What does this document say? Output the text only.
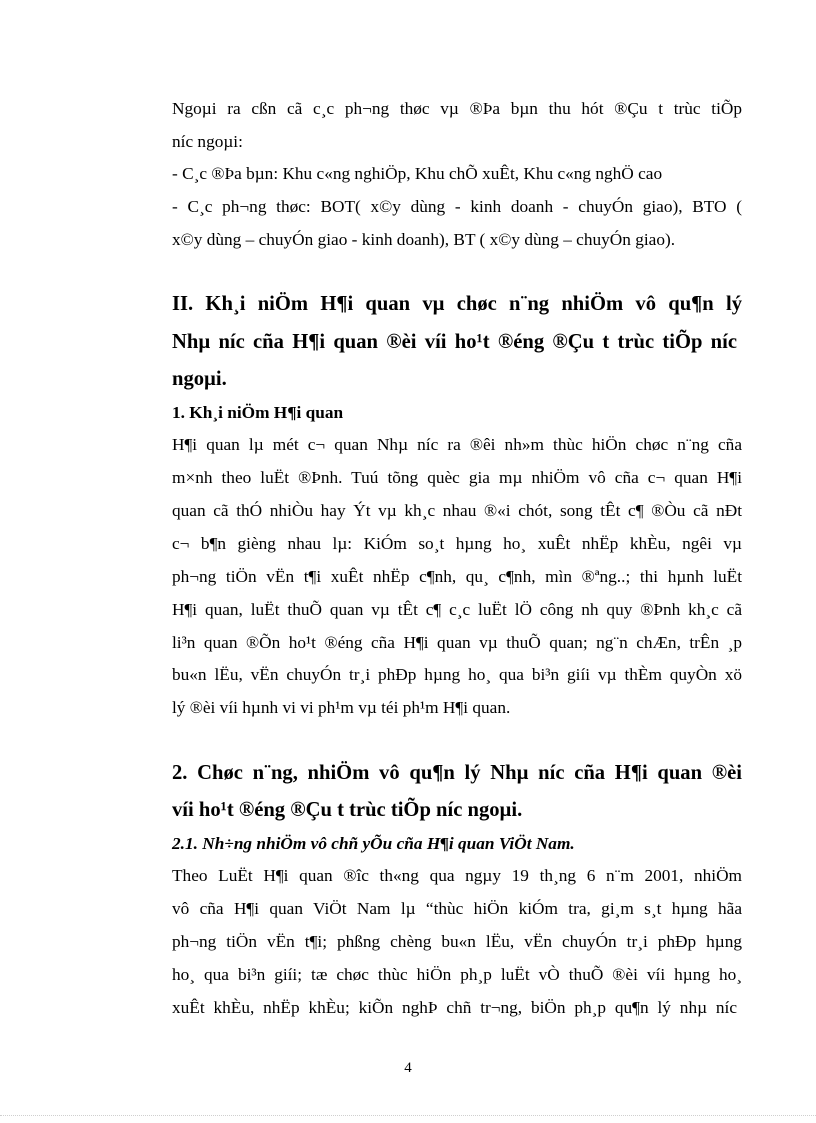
Ngoµi ra cßn cã c¸c ph¬ng thøc vµ ®Þa bµn thu hót ®Çu t trùc tiÕp
níc ngoµi:
- C¸c ®Þa bµn: Khu c«ng nghiÖp, Khu chÕ xuÊt, Khu c«ng nghÖ cao
- C¸c ph¬ng thøc: BOT( x©y dùng - kinh doanh - chuyÓn giao), BTO (
x©y dùng – chuyÓn giao - kinh doanh), BT ( x©y dùng – chuyÓn giao).
II. Kh¸i niÖm H¶i quan vµ chøc n¨ng nhiÖm vô qu¶n lý
Nhµ níc cña H¶i quan ®èi víi ho¹t ®éng ®Çu t trùc tiÕp níc
ngoµi.
1. Kh¸i niÖm H¶i quan
H¶i quan lµ mét c¬ quan Nhµ níc ra ®êi nh»m thùc hiÖn chøc n¨ng cña
m×nh theo luËt ®Þnh. Tuú tõng quèc gia mµ nhiÖm vô cña c¬ quan H¶i
quan cã thÓ nhiÒu hay Ýt vµ kh¸c nhau ®«i chót, song tÊt c¶ ®Òu cã nÐt
c¬ b¶n gièng nhau lµ: KiÓm so¸t hµng ho¸ xuÊt nhËp khÈu, ngêi vµ
ph¬ng tiÖn vËn t¶i xuÊt nhËp c¶nh, qu¸ c¶nh, mìn ®ªng..; thi hµnh luËt
H¶i quan, luËt thuÕ quan vµ tÊt c¶ c¸c luËt lÖ công nh quy ®Þnh kh¸c cã
li³n quan ®Õn ho¹t ®éng cña H¶i quan vµ thuÕ quan; ng¨n chÆn, trÊn ¸p
bu«n lËu, vËn chuyÓn tr¸i phÐp hµng ho¸ qua bi³n giíi vµ thÈm quyÒn xö
lý ®èi víi hµnh vi vi ph¹m vµ téi ph¹m H¶i quan.
2. Chøc n¨ng, nhiÖm vô qu¶n lý Nhµ níc cña H¶i quan ®èi
víi ho¹t ®éng ®Çu t trùc tiÕp níc ngoµi.
2.1. Nh÷ng nhiÖm vô chñ yÕu cña H¶i quan ViÖt Nam.
Theo LuËt H¶i quan ®îc th«ng qua ngµy 19 th¸ng 6 n¨m 2001, nhiÖm
vô cña H¶i quan ViÖt Nam lµ “thùc hiÖn kiÓm tra, gi¸m s¸t hµng hãa
ph¬ng tiÖn vËn t¶i; phßng chèng bu«n lËu, vËn chuyÓn tr¸i phÐp hµng
ho¸ qua bi³n giíi; tæ chøc thùc hiÖn ph¸p luËt vÒ thuÕ ®èi víi hµng ho¸
xuÊt khÈu, nhËp khÈu; kiÕn nghÞ chñ tr¬ng, biÖn ph¸p qu¶n lý nhµ níc
4
